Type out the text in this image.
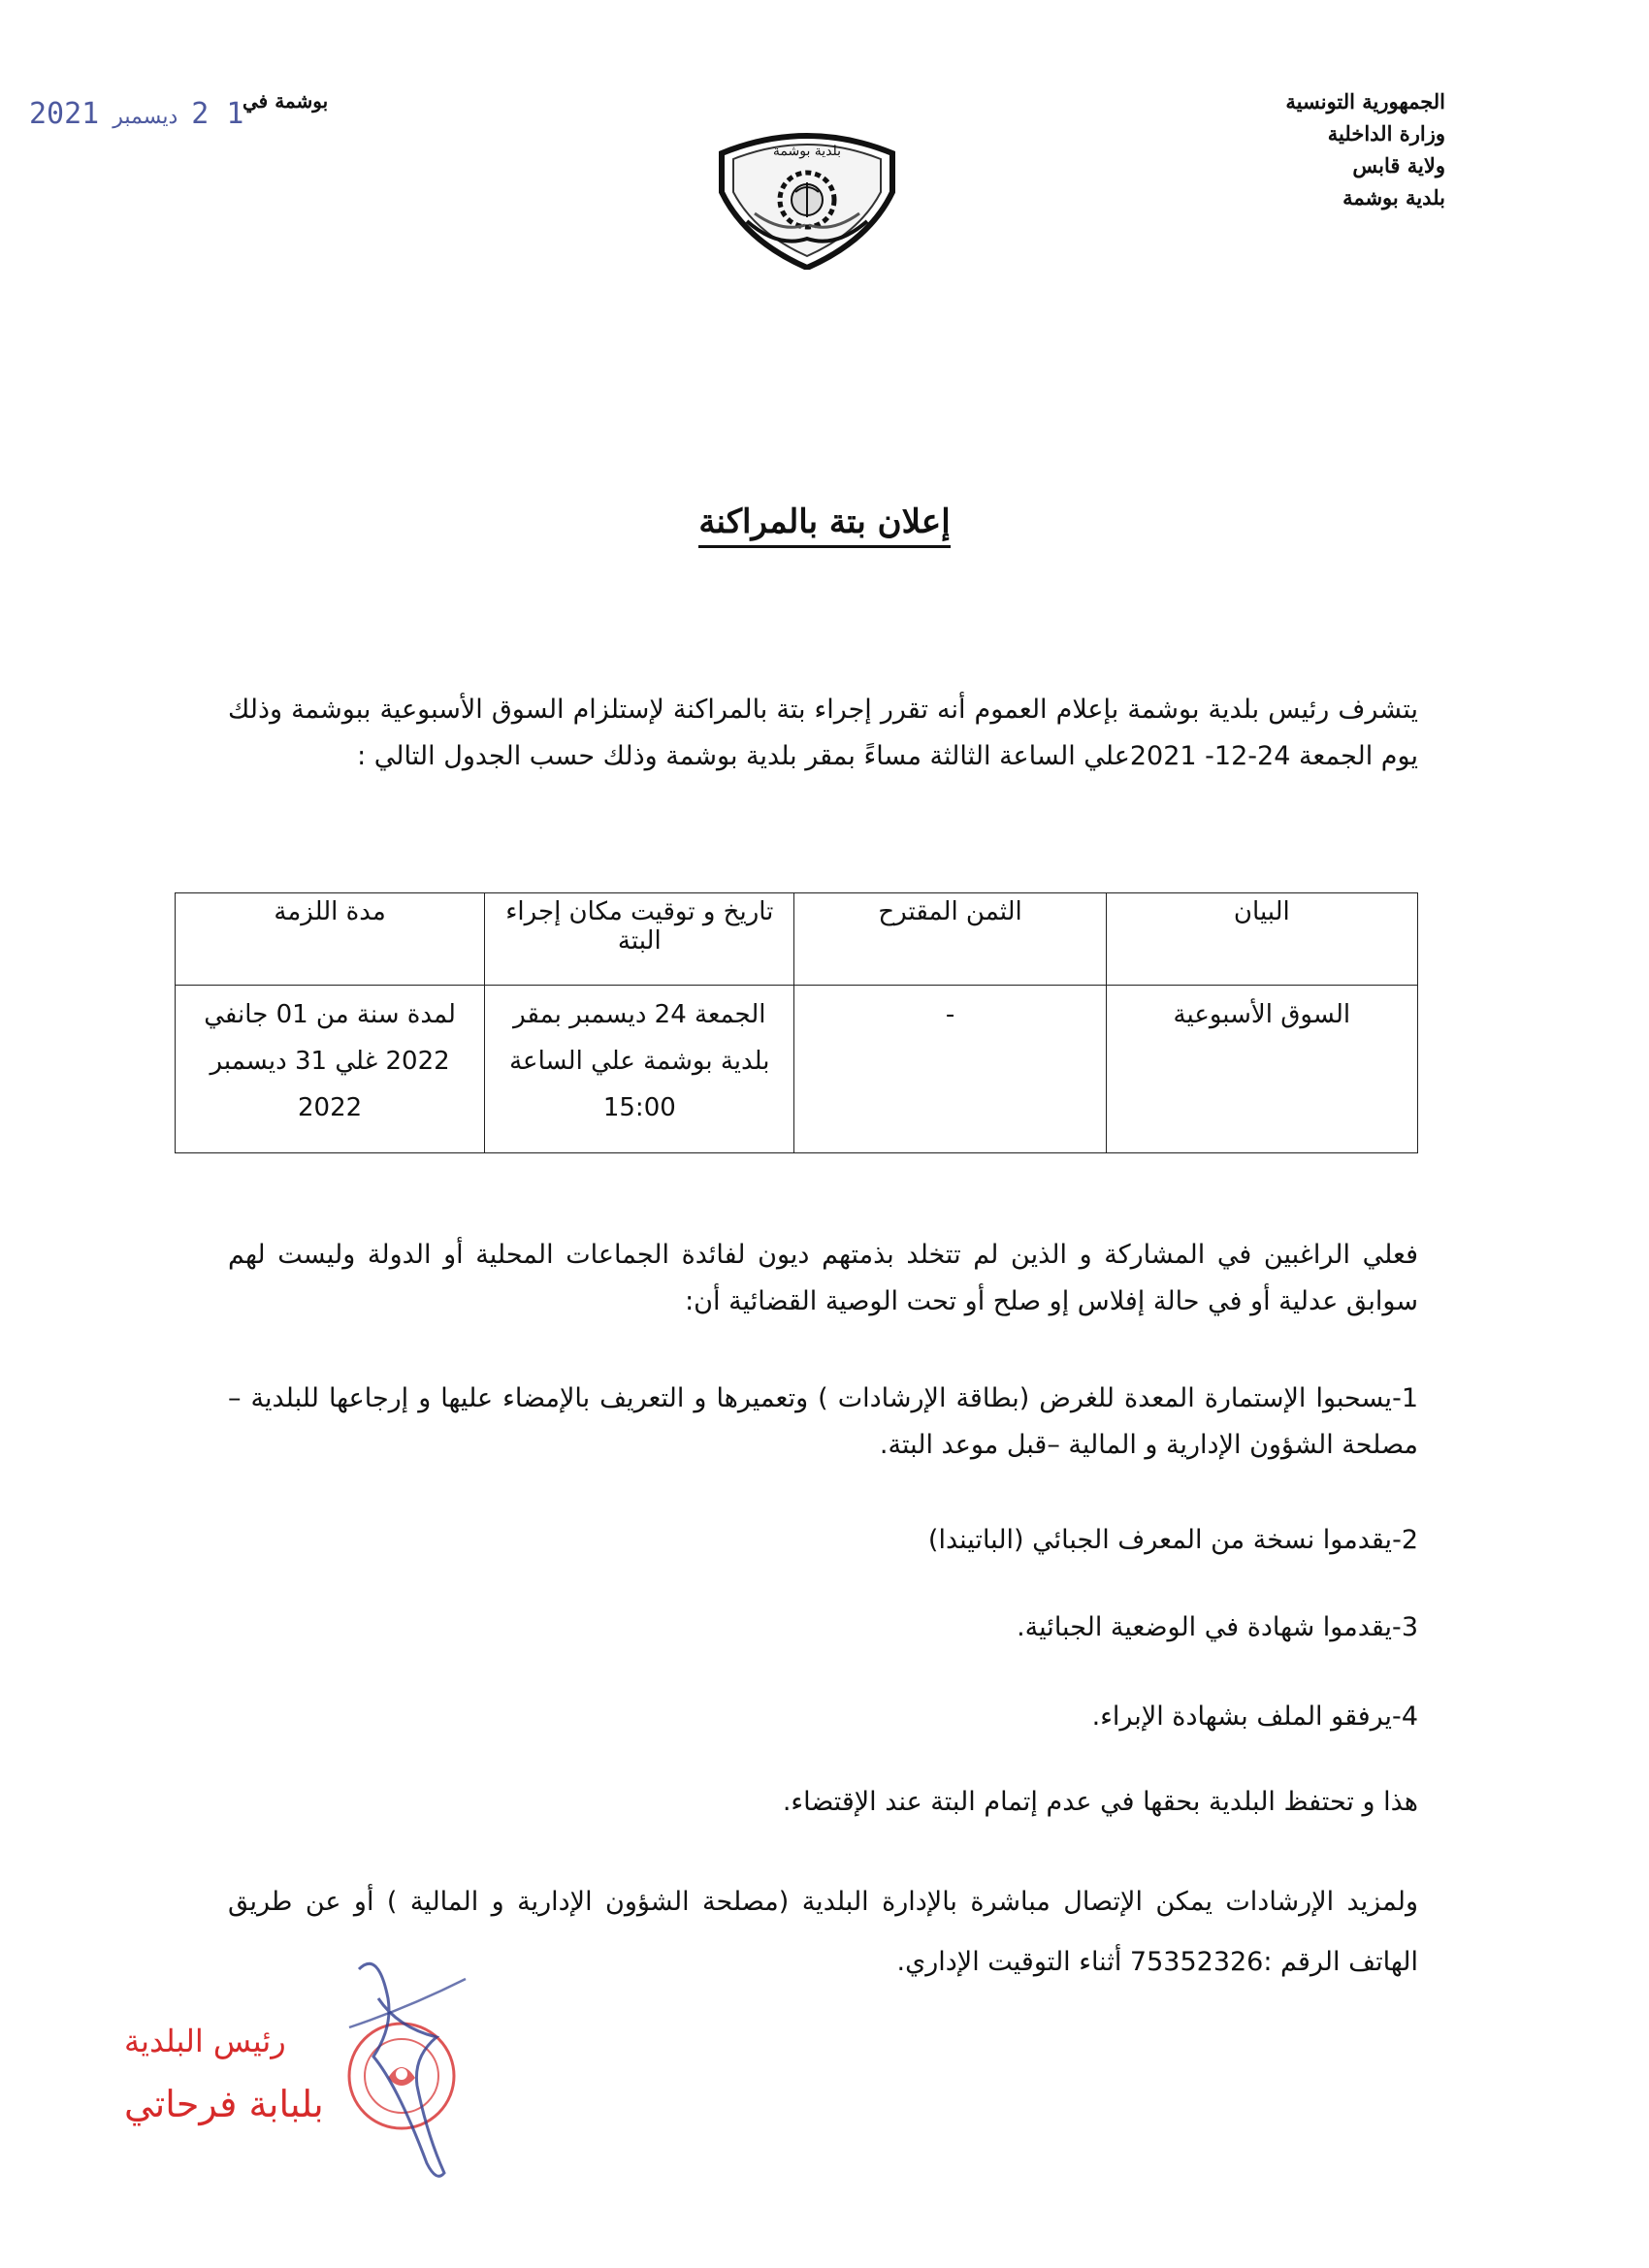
الجمهورية التونسية
وزارة الداخلية
ولاية قابس
بلدية بوشمة
بوشمة في
2021 ديسمبر 2 1
بلدية بوشمة
إعلان بتة بالمراكنة
يتشرف رئيس بلدية بوشمة بإعلام العموم أنه تقرر إجراء بتة بالمراكنة لإستلزام السوق الأسبوعية ببوشمة وذلك يوم الجمعة 24-12- 2021علي الساعة الثالثة مساءً بمقر بلدية بوشمة وذلك حسب الجدول التالي :
البيان	الثمن المقترح	تاريخ و توقيت مكان إجراء البتة	مدة اللزمة
السوق الأسبوعية	-	الجمعة 24 ديسمبر بمقر بلدية بوشمة علي الساعة 15:00	لمدة سنة من 01 جانفي 2022 غلي 31 ديسمبر 2022
فعلي الراغبين في المشاركة و الذين لم تتخلد بذمتهم ديون لفائدة الجماعات المحلية أو الدولة وليست لهم سوابق عدلية أو في حالة إفلاس إو صلح أو تحت الوصية القضائية أن:
1-يسحبوا الإستمارة المعدة للغرض (بطاقة الإرشادات ) وتعميرها و التعريف بالإمضاء عليها و إرجاعها للبلدية –مصلحة الشؤون الإدارية و المالية –قبل موعد البتة.
2-يقدموا نسخة من المعرف الجبائي (الباتيندا)
3-يقدموا شهادة في الوضعية الجبائية.
4-يرفقو الملف بشهادة الإبراء.
هذا و تحتفظ البلدية بحقها في عدم إتمام البتة عند الإقتضاء.
ولمزيد الإرشادات يمكن الإتصال مباشرة بالإدارة البلدية (مصلحة الشؤون الإدارية و المالية ) أو عن طريق الهاتف الرقم :75352326 أثناء التوقيت الإداري.
رئيس البلدية
بلبابة فرحاتي
